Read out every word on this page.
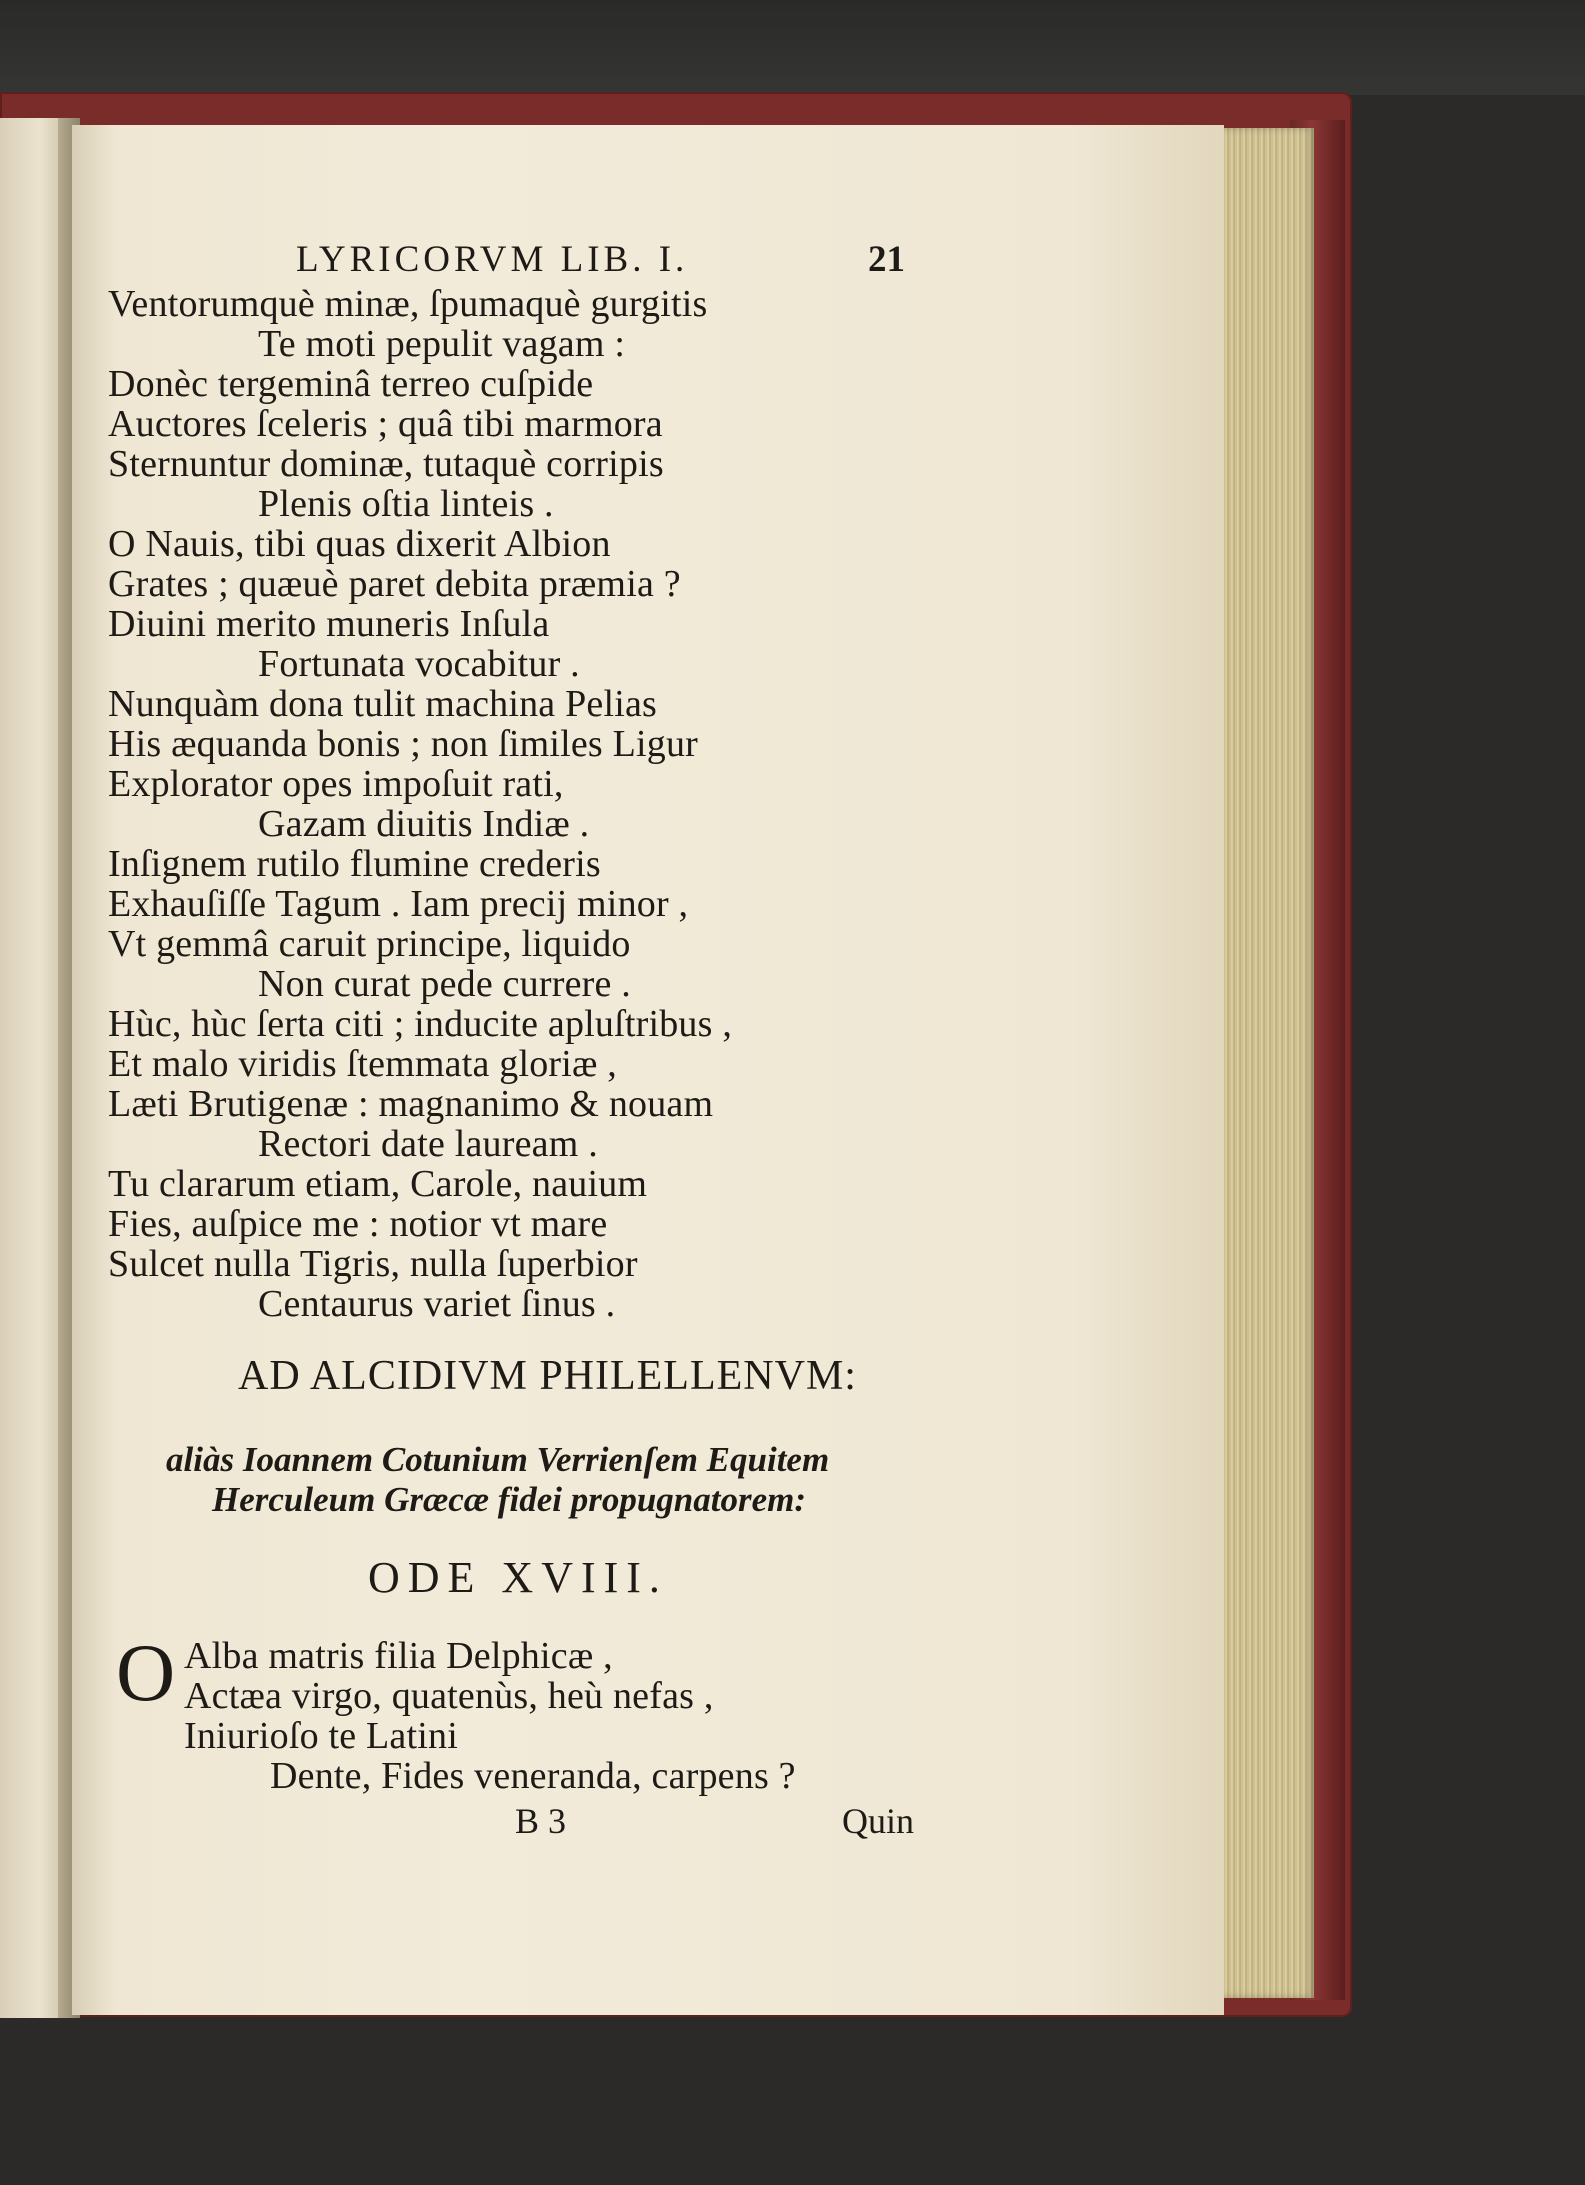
LYRICORVM LIB. I.	21
Ventorumquè minæ, ſpumaquè gurgitis
Te moti pepulit vagam :
Donèc tergeminâ terreo cuſpide
Auctores ſceleris ; quâ tibi marmora
Sternuntur dominæ, tutaquè corripis
Plenis oſtia linteis .
O Nauis, tibi quas dixerit Albion
Grates ; quæuè paret debita præmia ?
Diuini merito muneris Inſula
Fortunata vocabitur .
Nunquàm dona tulit machina Pelias
His æquanda bonis ; non ſimiles Ligur
Explorator opes impoſuit rati,
Gazam diuitis Indiæ .
Inſignem rutilo flumine crederis
Exhauſiſſe Tagum . Iam precij minor ,
Vt gemmâ caruit principe, liquido
Non curat pede currere .
Hùc, hùc ſerta citi ; inducite apluſtribus ,
Et malo viridis ſtemmata gloriæ ,
Læti Brutigenæ : magnanimo & nouam
Rectori date lauream .
Tu clararum etiam, Carole, nauium
Fies, auſpice me : notior vt mare
Sulcet nulla Tigris, nulla ſuperbior
Centaurus variet ſinus .
AD ALCIDIVM PHILELLENVM:
aliàs Ioannem Cotunium Verrienſem Equitem
Herculeum Græcæ fidei propugnatorem:
ODE XVIII.
O Alba matris filia Delphicæ ,
Actæa virgo, quatenùs, heù nefas ,
Iniurioſo te Latini
Dente, Fides veneranda, carpens ?
B 3	Quin
